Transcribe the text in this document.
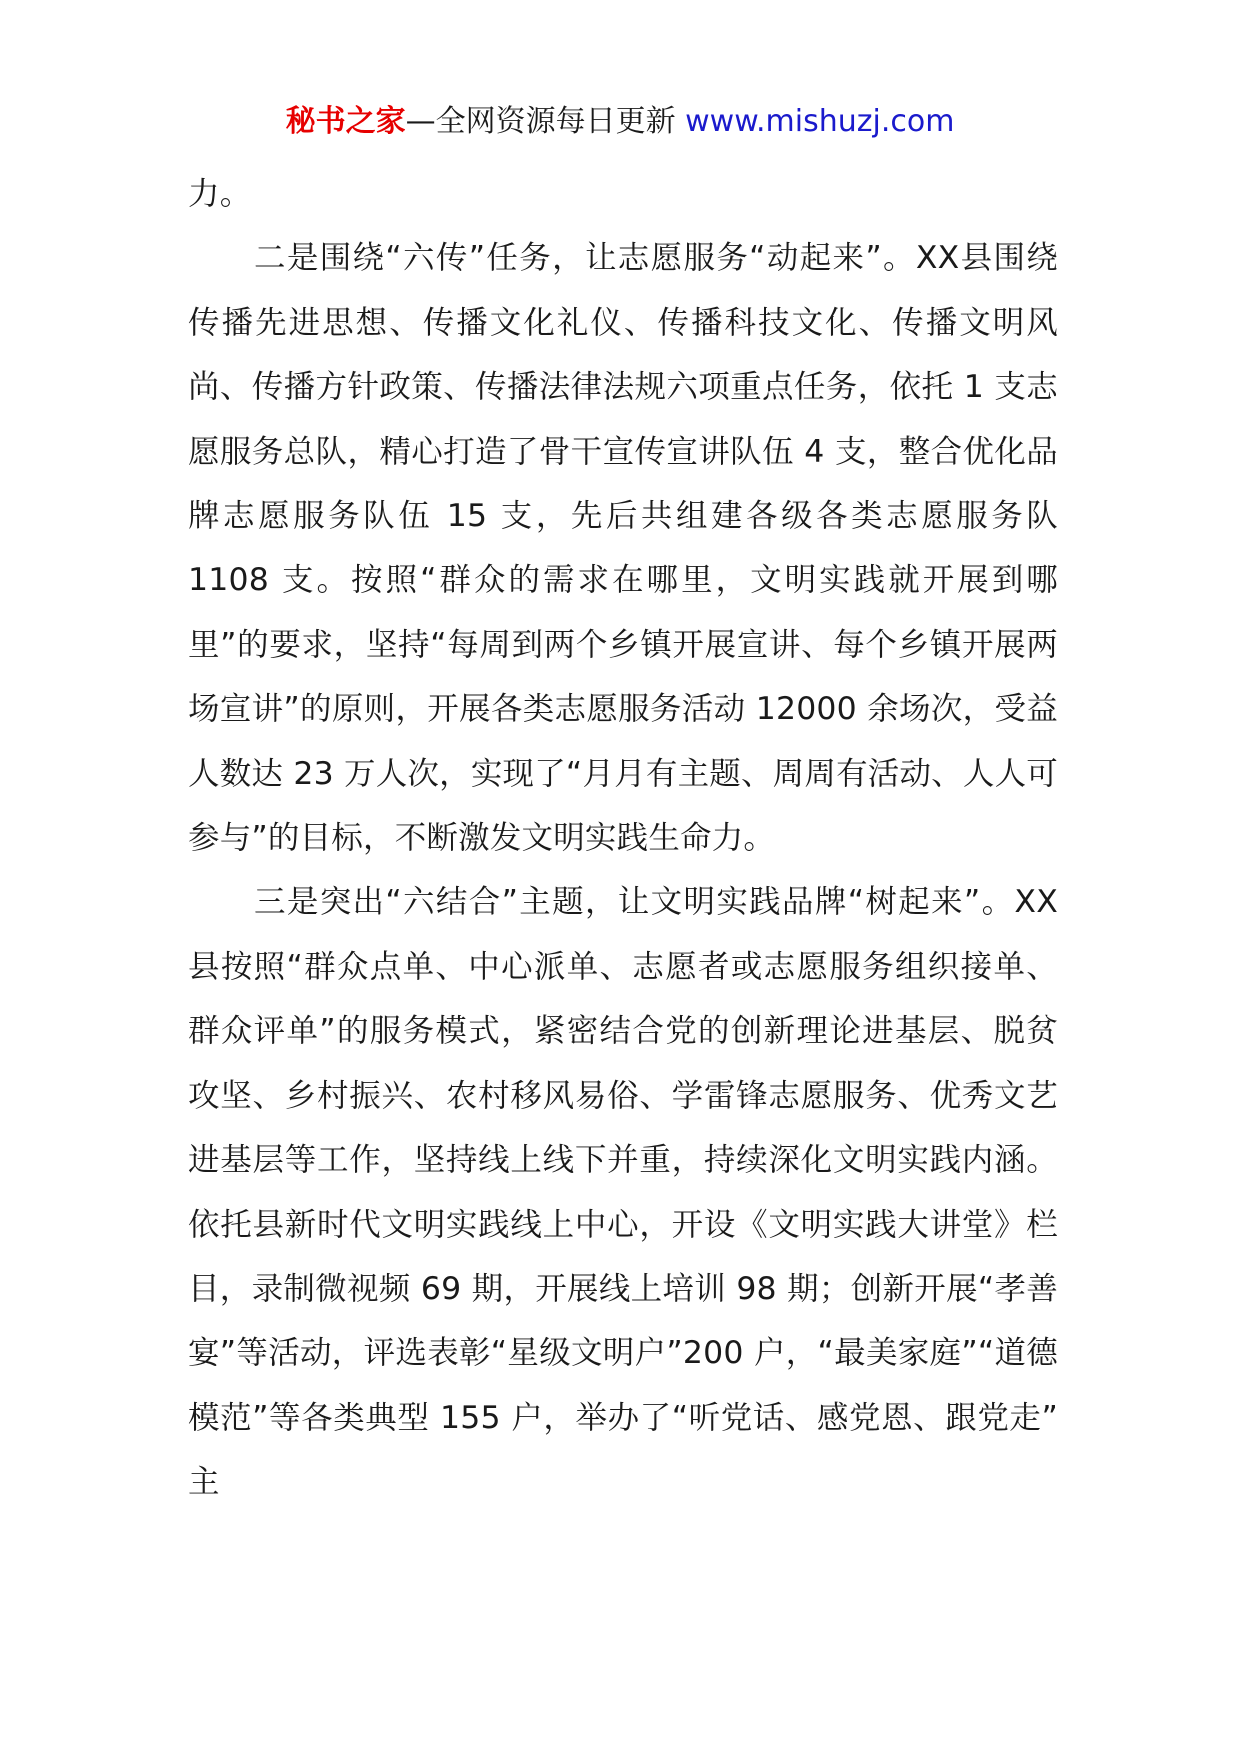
秘书之家—全网资源每日更新 www.mishuzj.com

力。

二是围绕“六传”任务，让志愿服务“动起来”。XX县围绕传播先进思想、传播文化礼仪、传播科技文化、传播文明风尚、传播方针政策、传播法律法规六项重点任务，依托 1 支志愿服务总队，精心打造了骨干宣传宣讲队伍 4 支，整合优化品牌志愿服务队伍 15 支，先后共组建各级各类志愿服务队 1108 支。按照“群众的需求在哪里，文明实践就开展到哪里”的要求，坚持“每周到两个乡镇开展宣讲、每个乡镇开展两场宣讲”的原则，开展各类志愿服务活动 12000 余场次，受益人数达 23 万人次，实现了“月月有主题、周周有活动、人人可参与”的目标，不断激发文明实践生命力。

三是突出“六结合”主题，让文明实践品牌“树起来”。XX 县按照“群众点单、中心派单、志愿者或志愿服务组织接单、群众评单”的服务模式，紧密结合党的创新理论进基层、脱贫攻坚、乡村振兴、农村移风易俗、学雷锋志愿服务、优秀文艺进基层等工作，坚持线上线下并重，持续深化文明实践内涵。依托县新时代文明实践线上中心，开设《文明实践大讲堂》栏目，录制微视频 69 期，开展线上培训 98 期；创新开展“孝善宴”等活动，评选表彰“星级文明户”200 户，“最美家庭”“道德模范”等各类典型 155 户，举办了“听党话、感党恩、跟党走” 主
